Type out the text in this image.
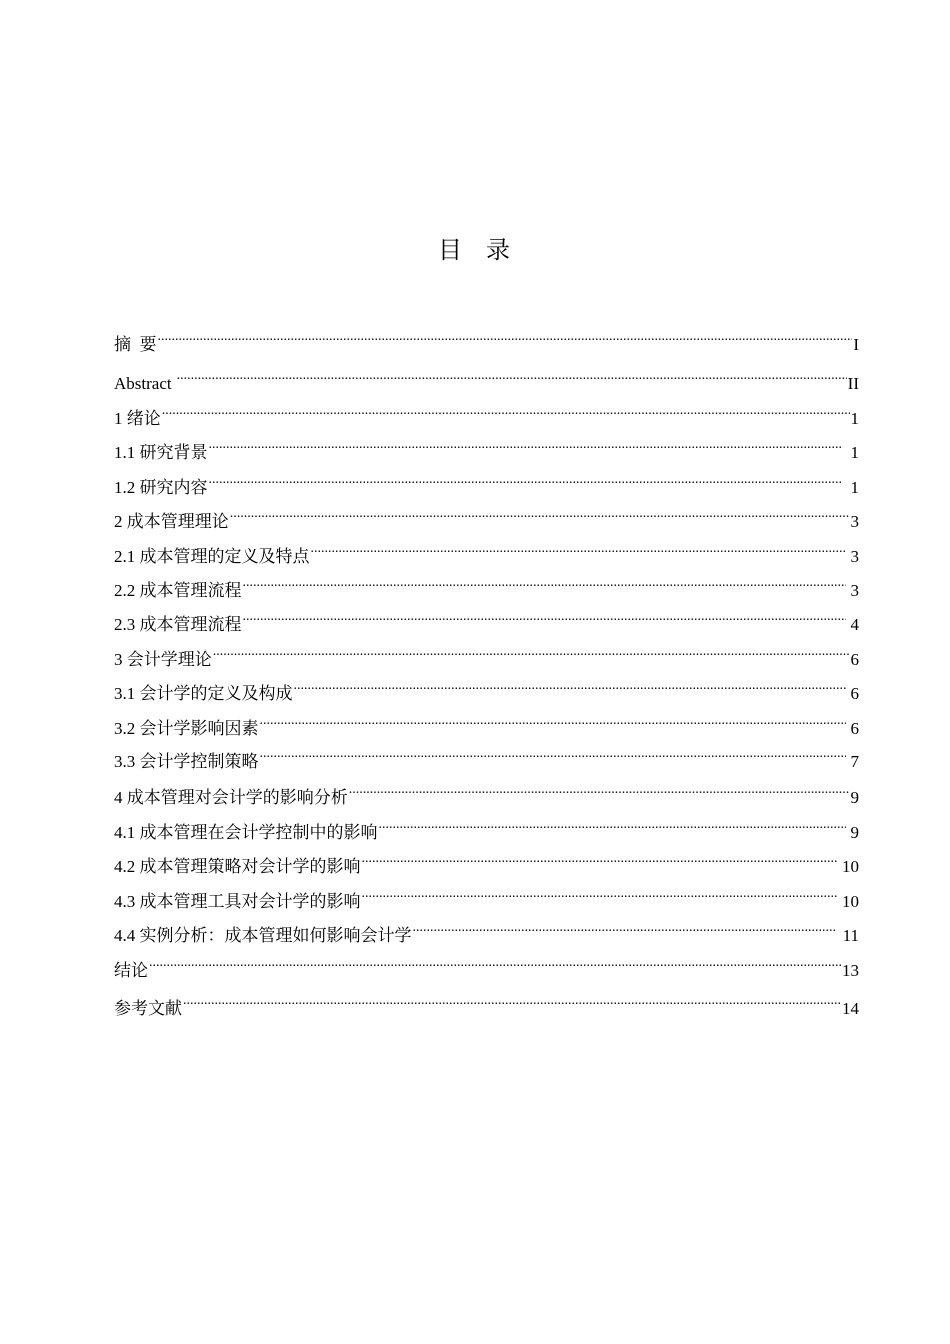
目 录
摘  要 .....	I
Abstract .....	II
1 绪论 .....	1
1.1 研究背景 .....	1
1.2 研究内容 .....	1
2 成本管理理论 .....	3
2.1 成本管理的定义及特点 .....	3
2.2 成本管理流程 .....	3
2.3 成本管理流程 .....	4
3 会计学理论 .....	6
3.1 会计学的定义及构成 .....	6
3.2 会计学影响因素 .....	6
3.3 会计学控制策略 .....	7
4 成本管理对会计学的影响分析 .....	9
4.1 成本管理在会计学控制中的影响 .....	9
4.2 成本管理策略对会计学的影响 .....	10
4.3 成本管理工具对会计学的影响 .....	10
4.4 实例分析：成本管理如何影响会计学 .....	11
结论 .....	13
参考文献 .....	14
